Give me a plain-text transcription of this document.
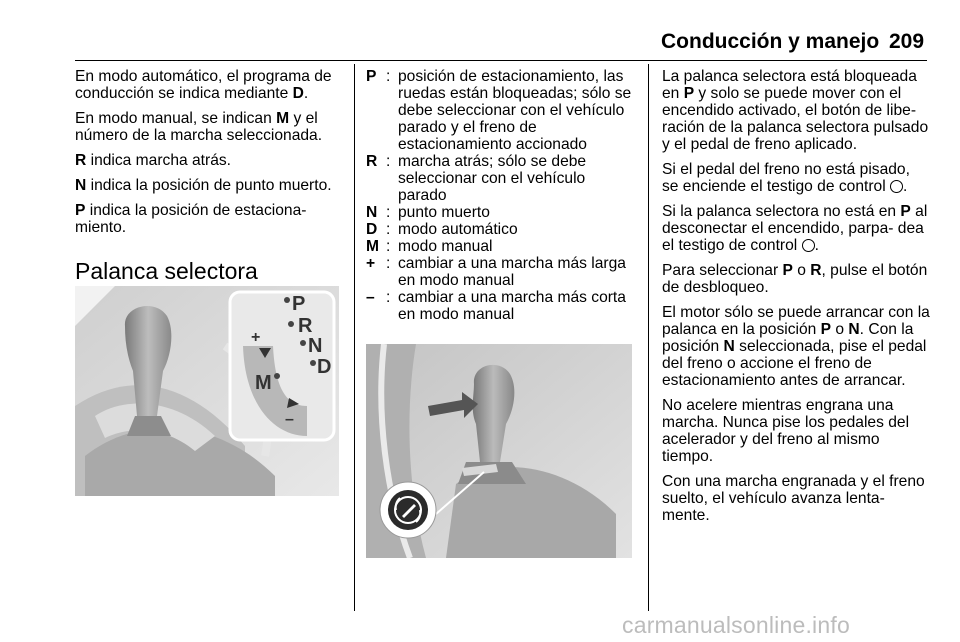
Conducción y manejo 209

En modo automático, el programa de conducción se indica mediante D.

En modo manual, se indican M y el número de la marcha seleccionada.

R indica marcha atrás.

N indica la posición de punto muerto.

P indica la posición de estaciona‐ miento.

Palanca selectora
P
R
N
D
M
+
–
P : posición de estacionamiento, las ruedas están bloqueadas; sólo se debe seleccionar con el vehículo parado y el freno de estacionamiento accionado
R : marcha atrás; sólo se debe seleccionar con el vehículo parado
N : punto muerto
D : modo automático
M : modo manual
+ : cambiar a una marcha más larga en modo manual
– : cambiar a una marcha más corta en modo manual

La palanca selectora está bloqueada en P y solo se puede mover con el encendido activado, el botón de libe‐ ración de la palanca selectora pulsado y el pedal de freno aplicado.

Si el pedal del freno no está pisado, se enciende el testigo de control .

Si la palanca selectora no está en P al desconectar el encendido, parpa‐ dea el testigo de control .

Para seleccionar P o R, pulse el botón de desbloqueo.

El motor sólo se puede arrancar con la palanca en la posición P o N. Con la posición N seleccionada, pise el pedal del freno o accione el freno de estacionamiento antes de arrancar.

No acelere mientras engrana una marcha. Nunca pise los pedales del acelerador y del freno al mismo tiempo.

Con una marcha engranada y el freno suelto, el vehículo avanza lenta‐ mente.

carmanualsonline.info
